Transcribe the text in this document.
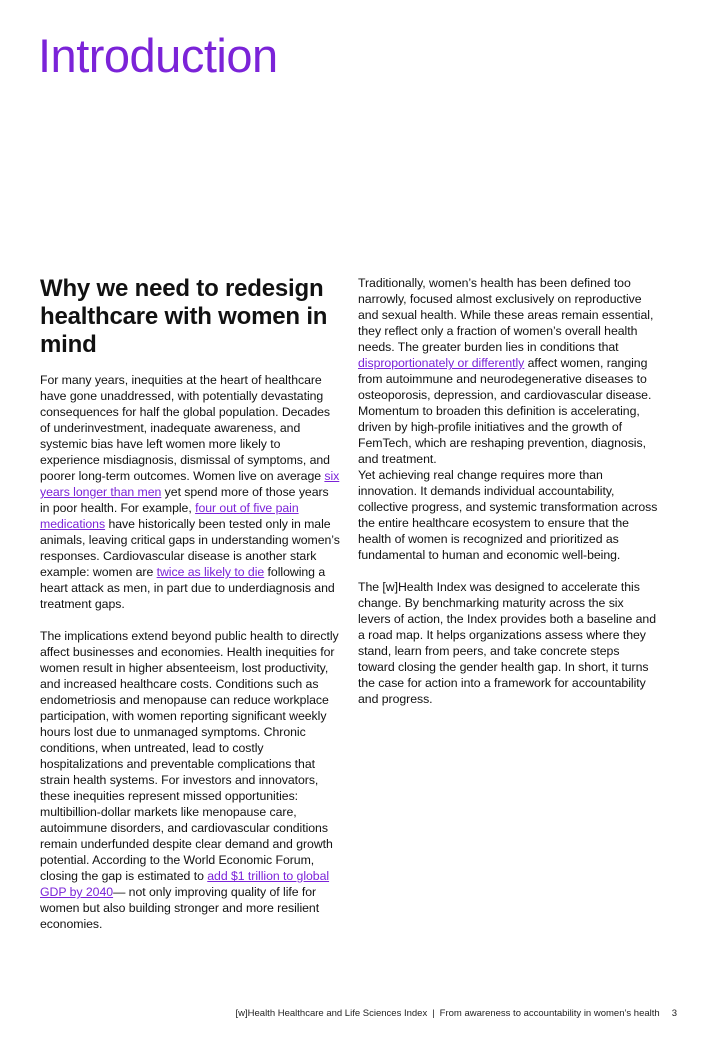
Introduction
Why we need to redesign healthcare with women in mind

For many years, inequities at the heart of healthcare have gone unaddressed, with potentially devastating consequences for half the global population. Decades of underinvestment, inadequate awareness, and systemic bias have left women more likely to experience misdiagnosis, dismissal of symptoms, and poorer long-term outcomes. Women live on average six years longer than men yet spend more of those years in poor health. For example, four out of five pain medications have historically been tested only in male animals, leaving critical gaps in understanding women’s responses. Cardiovascular disease is another stark example: women are twice as likely to die following a heart attack as men, in part due to underdiagnosis and treatment gaps.

The implications extend beyond public health to directly affect businesses and economies. Health inequities for women result in higher absenteeism, lost productivity, and increased healthcare costs. Conditions such as endometriosis and menopause can reduce workplace participation, with women reporting significant weekly hours lost due to unmanaged symptoms. Chronic conditions, when untreated, lead to costly hospitalizations and preventable complications that strain health systems. For investors and innovators, these inequities represent missed opportunities: multibillion-dollar markets like menopause care, autoimmune disorders, and cardiovascular conditions remain underfunded despite clear demand and growth potential. According to the World Economic Forum, closing the gap is estimated to add $1 trillion to global GDP by 2040— not only improving quality of life for women but also building stronger and more resilient economies.

Traditionally, women’s health has been defined too narrowly, focused almost exclusively on reproductive and sexual health. While these areas remain essential, they reflect only a fraction of women’s overall health needs. The greater burden lies in conditions that disproportionately or differently affect women, ranging from autoimmune and neurodegenerative diseases to osteoporosis, depression, and cardiovascular disease. Momentum to broaden this definition is accelerating, driven by high-profile initiatives and the growth of FemTech, which are reshaping prevention, diagnosis, and treatment.

Yet achieving real change requires more than innovation. It demands individual accountability, collective progress, and systemic transformation across the entire healthcare ecosystem to ensure that the health of women is recognized and prioritized as fundamental to human and economic well-being.

The [w]Health Index was designed to accelerate this change. By benchmarking maturity across the six levers of action, the Index provides both a baseline and a road map. It helps organizations assess where they stand, learn from peers, and take concrete steps toward closing the gender health gap. In short, it turns the case for action into a framework for accountability and progress.

[w]Health Healthcare and Life Sciences Index | From awareness to accountability in women’s health 3
